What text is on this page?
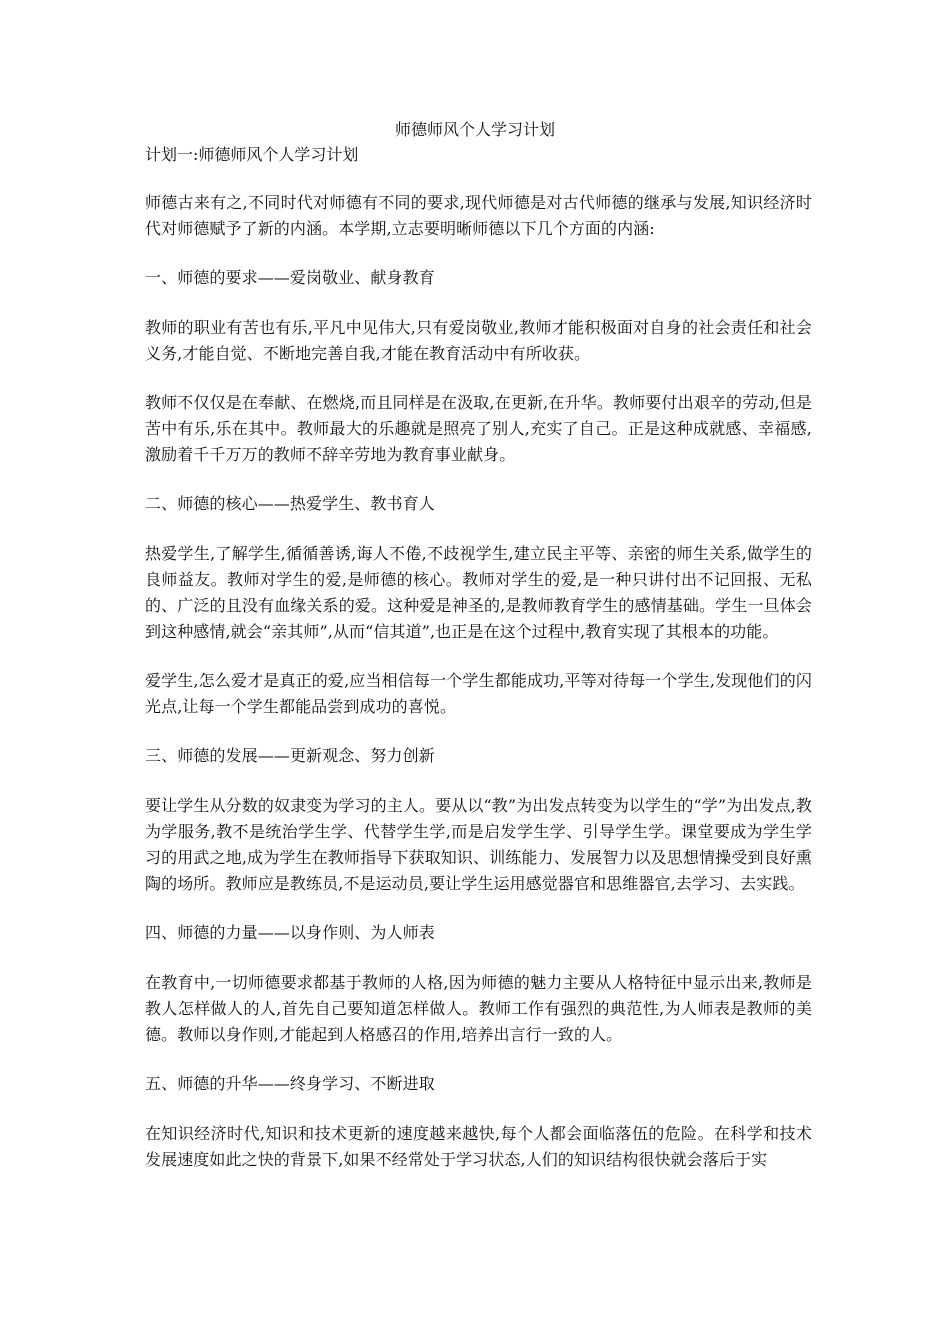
师德师风个人学习计划
计划一:师德师风个人学习计划

师德古来有之,不同时代对师德有不同的要求,现代师德是对古代师德的继承与发展,知识经济时代对师德赋予了新的内涵。本学期,立志要明晰师德以下几个方面的内涵:

一、师德的要求——爱岗敬业、献身教育

教师的职业有苦也有乐,平凡中见伟大,只有爱岗敬业,教师才能积极面对自身的社会责任和社会义务,才能自觉、不断地完善自我,才能在教育活动中有所收获。

教师不仅仅是在奉献、在燃烧,而且同样是在汲取,在更新,在升华。教师要付出艰辛的劳动,但是苦中有乐,乐在其中。教师最大的乐趣就是照亮了别人,充实了自己。正是这种成就感、幸福感,激励着千千万万的教师不辞辛劳地为教育事业献身。

二、师德的核心——热爱学生、教书育人

热爱学生,了解学生,循循善诱,诲人不倦,不歧视学生,建立民主平等、亲密的师生关系,做学生的良师益友。教师对学生的爱,是师德的核心。教师对学生的爱,是一种只讲付出不记回报、无私的、广泛的且没有血缘关系的爱。这种爱是神圣的,是教师教育学生的感情基础。学生一旦体会到这种感情,就会“亲其师”,从而“信其道”,也正是在这个过程中,教育实现了其根本的功能。

爱学生,怎么爱才是真正的爱,应当相信每一个学生都能成功,平等对待每一个学生,发现他们的闪光点,让每一个学生都能品尝到成功的喜悦。

三、师德的发展——更新观念、努力创新

要让学生从分数的奴隶变为学习的主人。要从以“教”为出发点转变为以学生的“学”为出发点,教为学服务,教不是统治学生学、代替学生学,而是启发学生学、引导学生学。课堂要成为学生学习的用武之地,成为学生在教师指导下获取知识、训练能力、发展智力以及思想情操受到良好熏陶的场所。教师应是教练员,不是运动员,要让学生运用感觉器官和思维器官,去学习、去实践。

四、师德的力量——以身作则、为人师表

在教育中,一切师德要求都基于教师的人格,因为师德的魅力主要从人格特征中显示出来,教师是教人怎样做人的人,首先自己要知道怎样做人。教师工作有强烈的典范性,为人师表是教师的美德。教师以身作则,才能起到人格感召的作用,培养出言行一致的人。

五、师德的升华——终身学习、不断进取

在知识经济时代,知识和技术更新的速度越来越快,每个人都会面临落伍的危险。在科学和技术发展速度如此之快的背景下,如果不经常处于学习状态,人们的知识结构很快就会落后于实
